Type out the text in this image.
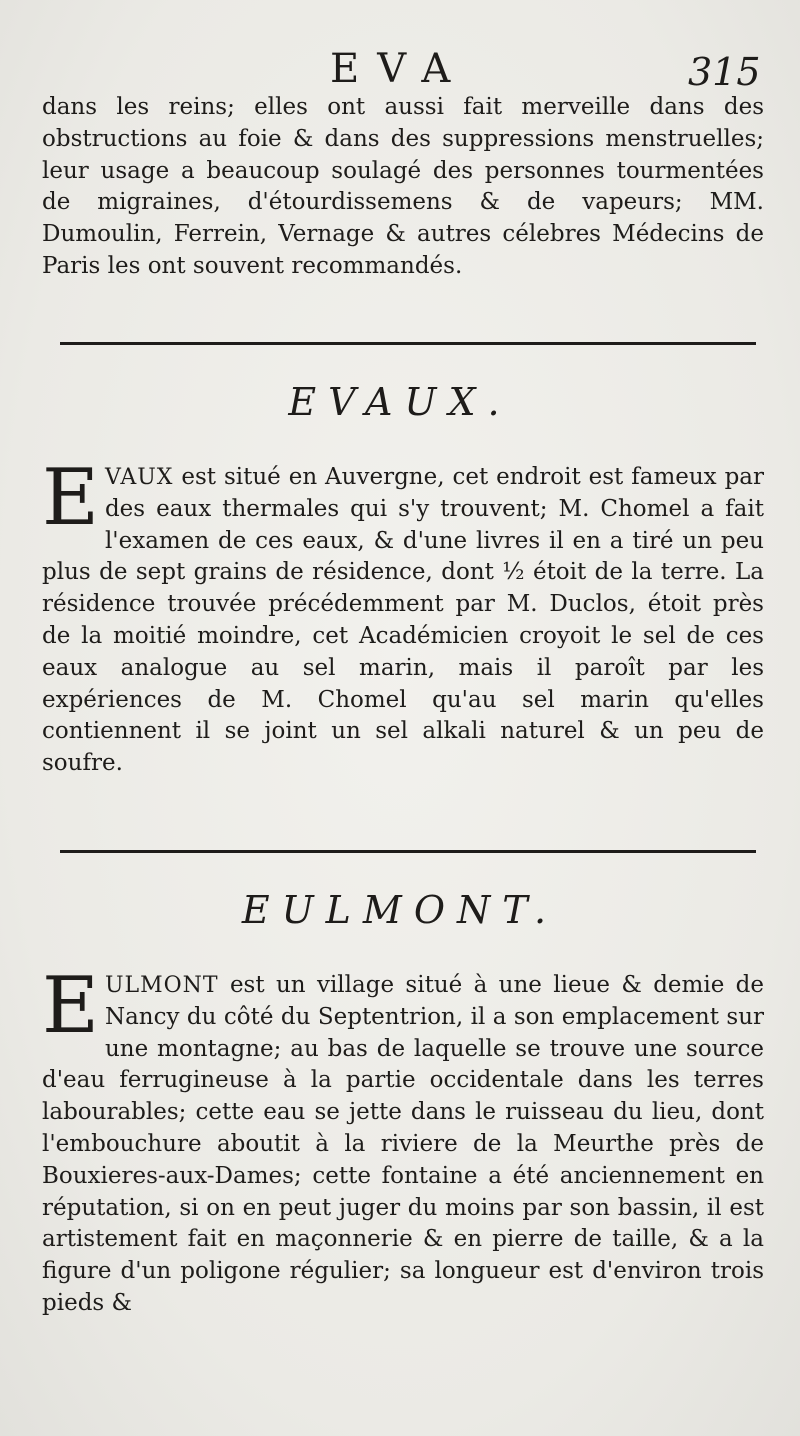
EVA	315

dans les reins; elles ont aussi fait merveille dans des obstructions au foie & dans des suppressions menstruelles; leur usage a beaucoup soulagé des personnes tourmentées de migraines, d'étourdissemens & de vapeurs; MM. Dumoulin, Ferrein, Vernage & autres célebres Médecins de Paris les ont souvent recommandés.

EVAUX.

EVAUX est situé en Auvergne, cet endroit est fameux par des eaux thermales qui s'y trouvent; M. Chomel a fait l'examen de ces eaux, & d'une livres il en a tiré un peu plus de sept grains de résidence, dont ½ étoit de la terre. La résidence trouvée précédemment par M. Duclos, étoit près de la moitié moindre, cet Académicien croyoit le sel de ces eaux analogue au sel marin, mais il paroît par les expériences de M. Chomel qu'au sel marin qu'elles contiennent il se joint un sel alkali naturel & un peu de soufre.

EULMONT.

EULMONT est un village situé à une lieue & demie de Nancy du côté du Septentrion, il a son emplacement sur une montagne; au bas de laquelle se trouve une source d'eau ferrugineuse à la partie occidentale dans les terres labourables; cette eau se jette dans le ruisseau du lieu, dont l'embouchure aboutit à la riviere de la Meurthe près de Bouxieres-aux-Dames; cette fontaine a été anciennement en réputation, si on en peut juger du moins par son bassin, il est artistement fait en maçonnerie & en pierre de taille, & a la figure d'un poligone régulier; sa longueur est d'environ trois pieds &
